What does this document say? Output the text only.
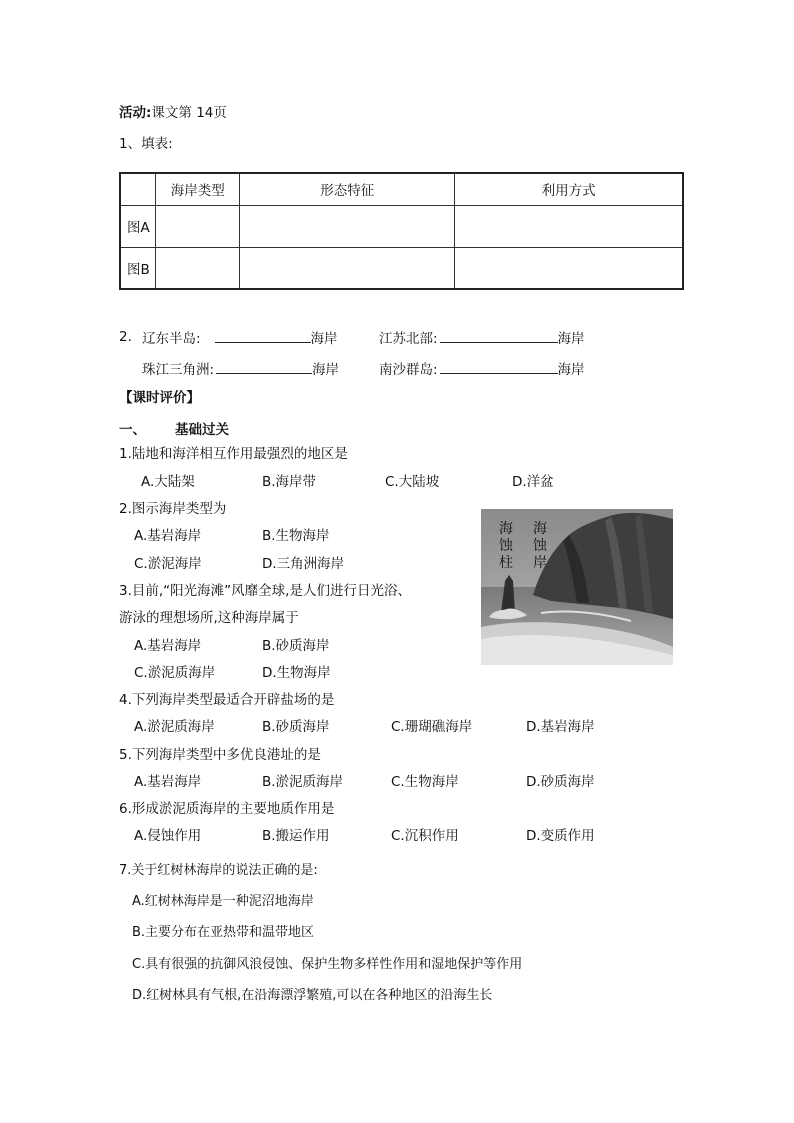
活动:课文第 14页
1、填表:
	海岸类型	形态特征	利用方式
图A			
图B			
2. 辽东半岛:	海岸	江苏北部:	海岸
珠江三角洲:	海岸	南沙群岛:	海岸
【课时评价】
一、 基础过关
1.陆地和海洋相互作用最强烈的地区是
A.大陆架	B.海岸带	C.大陆坡	D.洋盆
2.图示海岸类型为
A.基岩海岸	B.生物海岸
C.淤泥海岸	D.三角洲海岸
3.目前,“阳光海滩”风靡全球,是人们进行日光浴、
游泳的理想场所,这种海岸属于
A.基岩海岸	B.砂质海岸
C.淤泥质海岸	D.生物海岸
4.下列海岸类型最适合开辟盐场的是
A.淤泥质海岸	B.砂质海岸	C.珊瑚礁海岸	D.基岩海岸
5.下列海岸类型中多优良港址的是
A.基岩海岸	B.淤泥质海岸	C.生物海岸	D.砂质海岸
6.形成淤泥质海岸的主要地质作用是
A.侵蚀作用	B.搬运作用	C.沉积作用	D.变质作用
7.关于红树林海岸的说法正确的是:
A.红树林海岸是一种泥沼地海岸
B.主要分布在亚热带和温带地区
C.具有很强的抗御风浪侵蚀、保护生物多样性作用和湿地保护等作用
D.红树林具有气根,在沿海漂浮繁殖,可以在各种地区的沿海生长
海蚀柱
海蚀岸
